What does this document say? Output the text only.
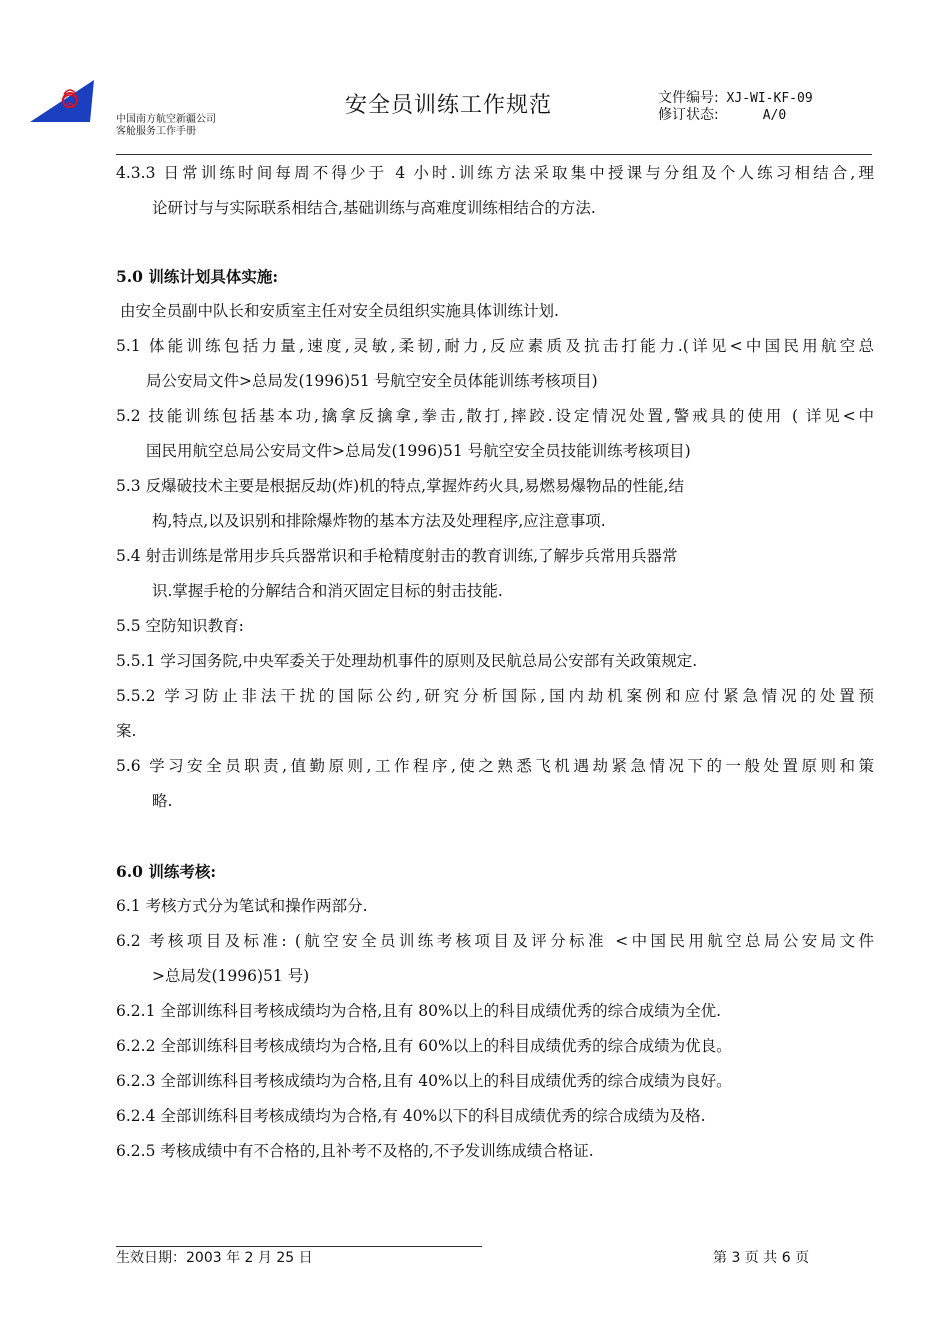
中国南方航空新疆公司
客舱服务工作手册
安全员训练工作规范	文件编号: XJ-WI-KF-09
修订状态:	A/0

4.3.3 日常训练时间每周不得少于 4 小时.训练方法采取集中授课与分组及个人练习相结合,理

论研讨与与实际联系相结合,基础训练与高难度训练相结合的方法.

5.0 训练计划具体实施:

由安全员副中队长和安质室主任对安全员组织实施具体训练计划.

5.1 体能训练包括力量,速度,灵敏,柔韧,耐力,反应素质及抗击打能力.(详见<中国民用航空总

局公安局文件>总局发(1996)51 号航空安全员体能训练考核项目)

5.2 技能训练包括基本功,擒拿反擒拿,拳击,散打,摔跤.设定情况处置,警戒具的使用 ( 详见<中

国民用航空总局公安局文件>总局发(1996)51 号航空安全员技能训练考核项目)

5.3 反爆破技术主要是根据反劫(炸)机的特点,掌握炸药火具,易燃易爆物品的性能,结

构,特点,以及识别和排除爆炸物的基本方法及处理程序,应注意事项.

5.4 射击训练是常用步兵兵器常识和手枪精度射击的教育训练,了解步兵常用兵器常

识.掌握手枪的分解结合和消灭固定目标的射击技能.

5.5 空防知识教育:

5.5.1 学习国务院,中央军委关于处理劫机事件的原则及民航总局公安部有关政策规定.

5.5.2 学习防止非法干扰的国际公约,研究分析国际,国内劫机案例和应付紧急情况的处置预

案.

5.6 学习安全员职责,值勤原则,工作程序,使之熟悉飞机遇劫紧急情况下的一般处置原则和策

略.

6.0 训练考核:

6.1 考核方式分为笔试和操作两部分.

6.2 考核项目及标准: (航空安全员训练考核项目及评分标准 <中国民用航空总局公安局文件

>总局发(1996)51 号)

6.2.1 全部训练科目考核成绩均为合格,且有 80%以上的科目成绩优秀的综合成绩为全优.

6.2.2 全部训练科目考核成绩均为合格,且有 60%以上的科目成绩优秀的综合成绩为优良。

6.2.3 全部训练科目考核成绩均为合格,且有 40%以上的科目成绩优秀的综合成绩为良好。

6.2.4 全部训练科目考核成绩均为合格,有 40%以下的科目成绩优秀的综合成绩为及格.

6.2.5 考核成绩中有不合格的,且补考不及格的,不予发训练成绩合格证.

生效日期：2003 年 2 月 25 日	第 3 页 共 6 页
